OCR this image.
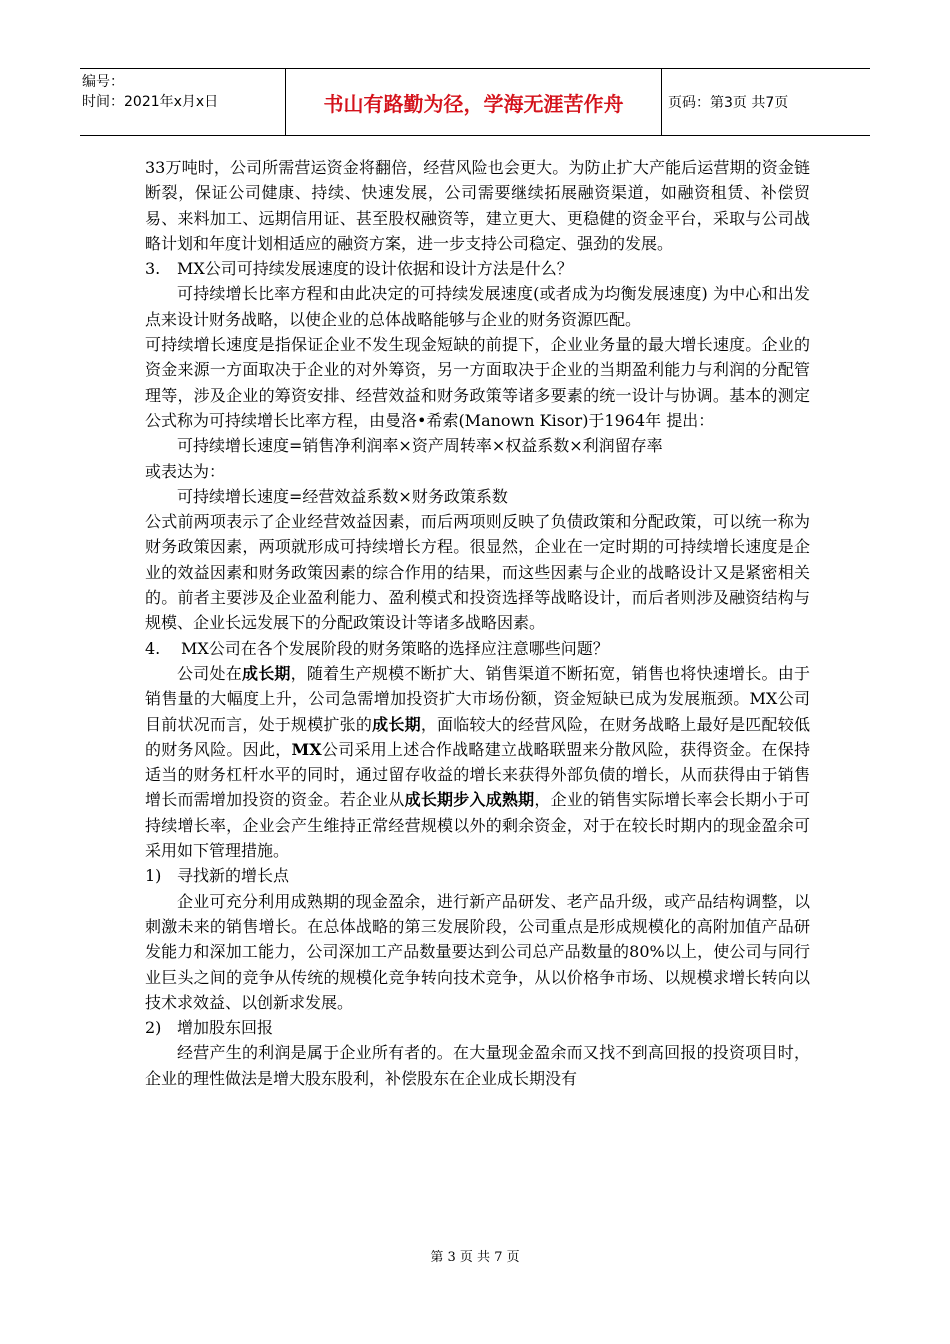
编号：
时间：2021年x月x日	书山有路勤为径，学海无涯苦作舟	页码：第3页 共7页

33万吨时，公司所需营运资金将翻倍，经营风险也会更大。为防止扩大产能后运营期的资金链断裂，保证公司健康、持续、快速发展，公司需要继续拓展融资渠道，如融资租赁、补偿贸易、来料加工、远期信用证、甚至股权融资等，建立更大、更稳健的资金平台，采取与公司战略计划和年度计划相适应的融资方案，进一步支持公司稳定、强劲的发展。

3.	MX公司可持续发展速度的设计依据和设计方法是什么？

可持续增长比率方程和由此决定的可持续发展速度(或者成为均衡发展速度) 为中心和出发点来设计财务战略，以使企业的总体战略能够与企业的财务资源匹配。

可持续增长速度是指保证企业不发生现金短缺的前提下，企业业务量的最大增长速度。企业的资金来源一方面取决于企业的对外筹资，另一方面取决于企业的当期盈利能力与利润的分配管理等，涉及企业的筹资安排、经营效益和财务政策等诸多要素的统一设计与协调。基本的测定公式称为可持续增长比率方程，由曼洛•希索(Manown Kisor)于1964年 提出：

可持续增长速度=销售净利润率×资产周转率×权益系数×利润留存率

或表达为：

可持续增长速度=经营效益系数×财务政策系数

公式前两项表示了企业经营效益因素，而后两项则反映了负债政策和分配政策，可以统一称为财务政策因素，两项就形成可持续增长方程。很显然，企业在一定时期的可持续增长速度是企业的效益因素和财务政策因素的综合作用的结果，而这些因素与企业的战略设计又是紧密相关的。前者主要涉及企业盈利能力、盈利模式和投资选择等战略设计，而后者则涉及融资结构与规模、企业长远发展下的分配政策设计等诸多战略因素。

4.	MX公司在各个发展阶段的财务策略的选择应注意哪些问题？

公司处在成长期，随着生产规模不断扩大、销售渠道不断拓宽，销售也将快速增长。由于销售量的大幅度上升，公司急需增加投资扩大市场份额，资金短缺已成为发展瓶颈。MX公司目前状况而言，处于规模扩张的成长期，面临较大的经营风险，在财务战略上最好是匹配较低的财务风险。因此，MX公司采用上述合作战略建立战略联盟来分散风险，获得资金。在保持适当的财务杠杆水平的同时，通过留存收益的增长来获得外部负债的增长，从而获得由于销售增长而需增加投资的资金。若企业从成长期步入成熟期，企业的销售实际增长率会长期小于可持续增长率，企业会产生维持正常经营规模以外的剩余资金，对于在较长时期内的现金盈余可采用如下管理措施。

1) 寻找新的增长点

企业可充分利用成熟期的现金盈余，进行新产品研发、老产品升级，或产品结构调整，以刺激未来的销售增长。在总体战略的第三发展阶段，公司重点是形成规模化的高附加值产品研发能力和深加工能力，公司深加工产品数量要达到公司总产品数量的80%以上，使公司与同行业巨头之间的竞争从传统的规模化竞争转向技术竞争，从以价格争市场、以规模求增长转向以技术求效益、以创新求发展。

2) 增加股东回报

经营产生的利润是属于企业所有者的。在大量现金盈余而又找不到高回报的投资项目时，企业的理性做法是增大股东股利，补偿股东在企业成长期没有

第 3 页 共 7 页
